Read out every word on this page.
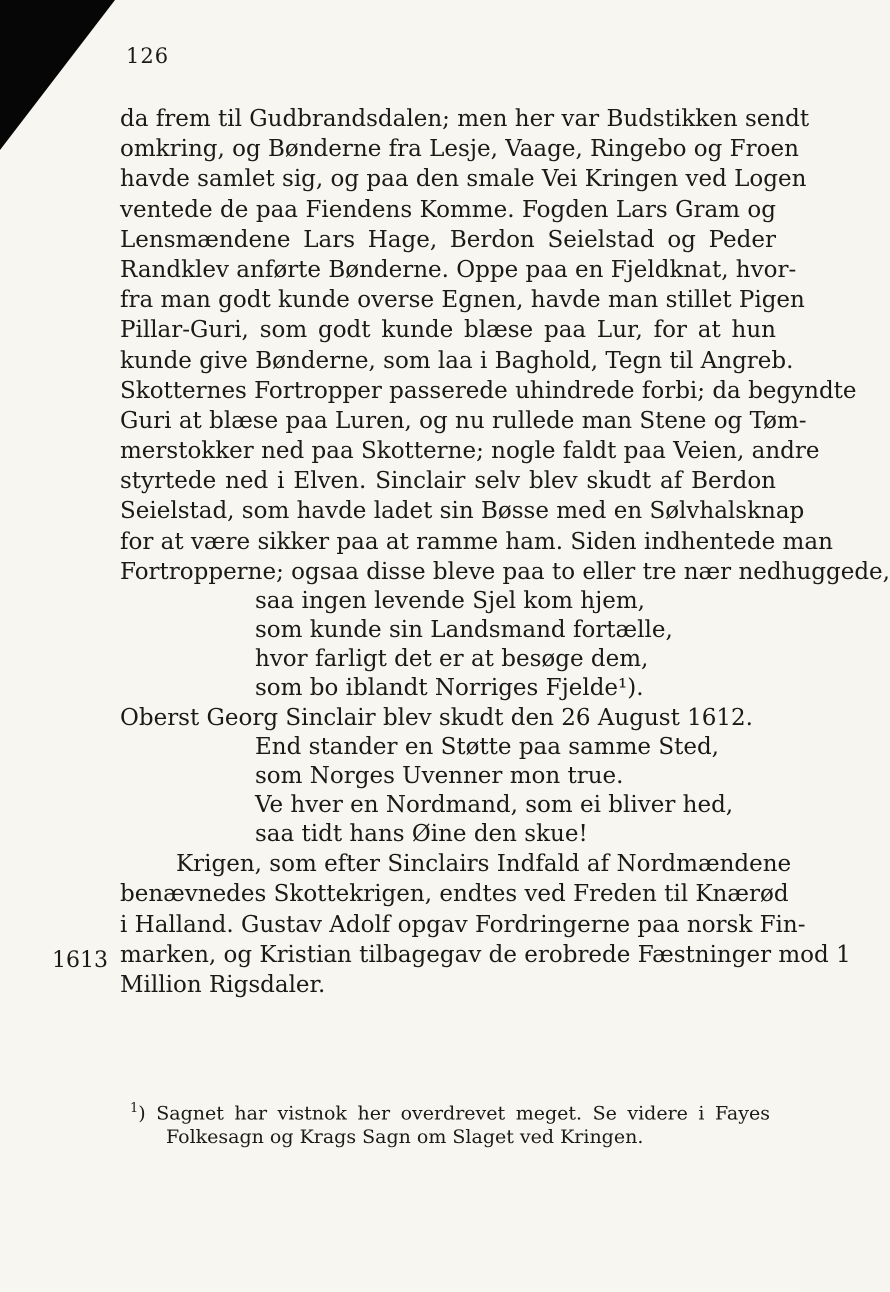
126
1613
da frem til Gudbrandsdalen; men her var Budstikken sendt
omkring, og Bønderne fra Lesje, Vaage, Ringebo og Froen
havde samlet sig, og paa den smale Vei Kringen ved Logen
ventede de paa Fiendens Komme. Fogden Lars Gram og
Lensmændene Lars Hage, Berdon Seielstad og Peder
Randklev anførte Bønderne. Oppe paa en Fjeldknat, hvor-
fra man godt kunde overse Egnen, havde man stillet Pigen
Pillar-Guri, som godt kunde blæse paa Lur, for at hun
kunde give Bønderne, som laa i Baghold, Tegn til Angreb.
Skotternes Fortropper passerede uhindrede forbi; da begyndte
Guri at blæse paa Luren, og nu rullede man Stene og Tøm-
merstokker ned paa Skotterne; nogle faldt paa Veien, andre
styrtede ned i Elven. Sinclair selv blev skudt af Berdon
Seielstad, som havde ladet sin Bøsse med en Sølvhalsknap
for at være sikker paa at ramme ham. Siden indhentede man
Fortropperne; ogsaa disse bleve paa to eller tre nær nedhuggede,
saa ingen levende Sjel kom hjem,
som kunde sin Landsmand fortælle,
hvor farligt det er at besøge dem,
som bo iblandt Norriges Fjelde¹).
Oberst Georg Sinclair blev skudt den 26 August 1612.
End stander en Støtte paa samme Sted,
som Norges Uvenner mon true.
Ve hver en Nordmand, som ei bliver hed,
saa tidt hans Øine den skue!
Krigen, som efter Sinclairs Indfald af Nordmændene
benævnedes Skottekrigen, endtes ved Freden til Knærød
i Halland. Gustav Adolf opgav Fordringerne paa norsk Fin-
marken, og Kristian tilbagegav de erobrede Fæstninger mod 1
Million Rigsdaler.
$^1$) Sagnet har vistnok her overdrevet meget. Se videre i Fayes
Folkesagn og Krags Sagn om Slaget ved Kringen.
